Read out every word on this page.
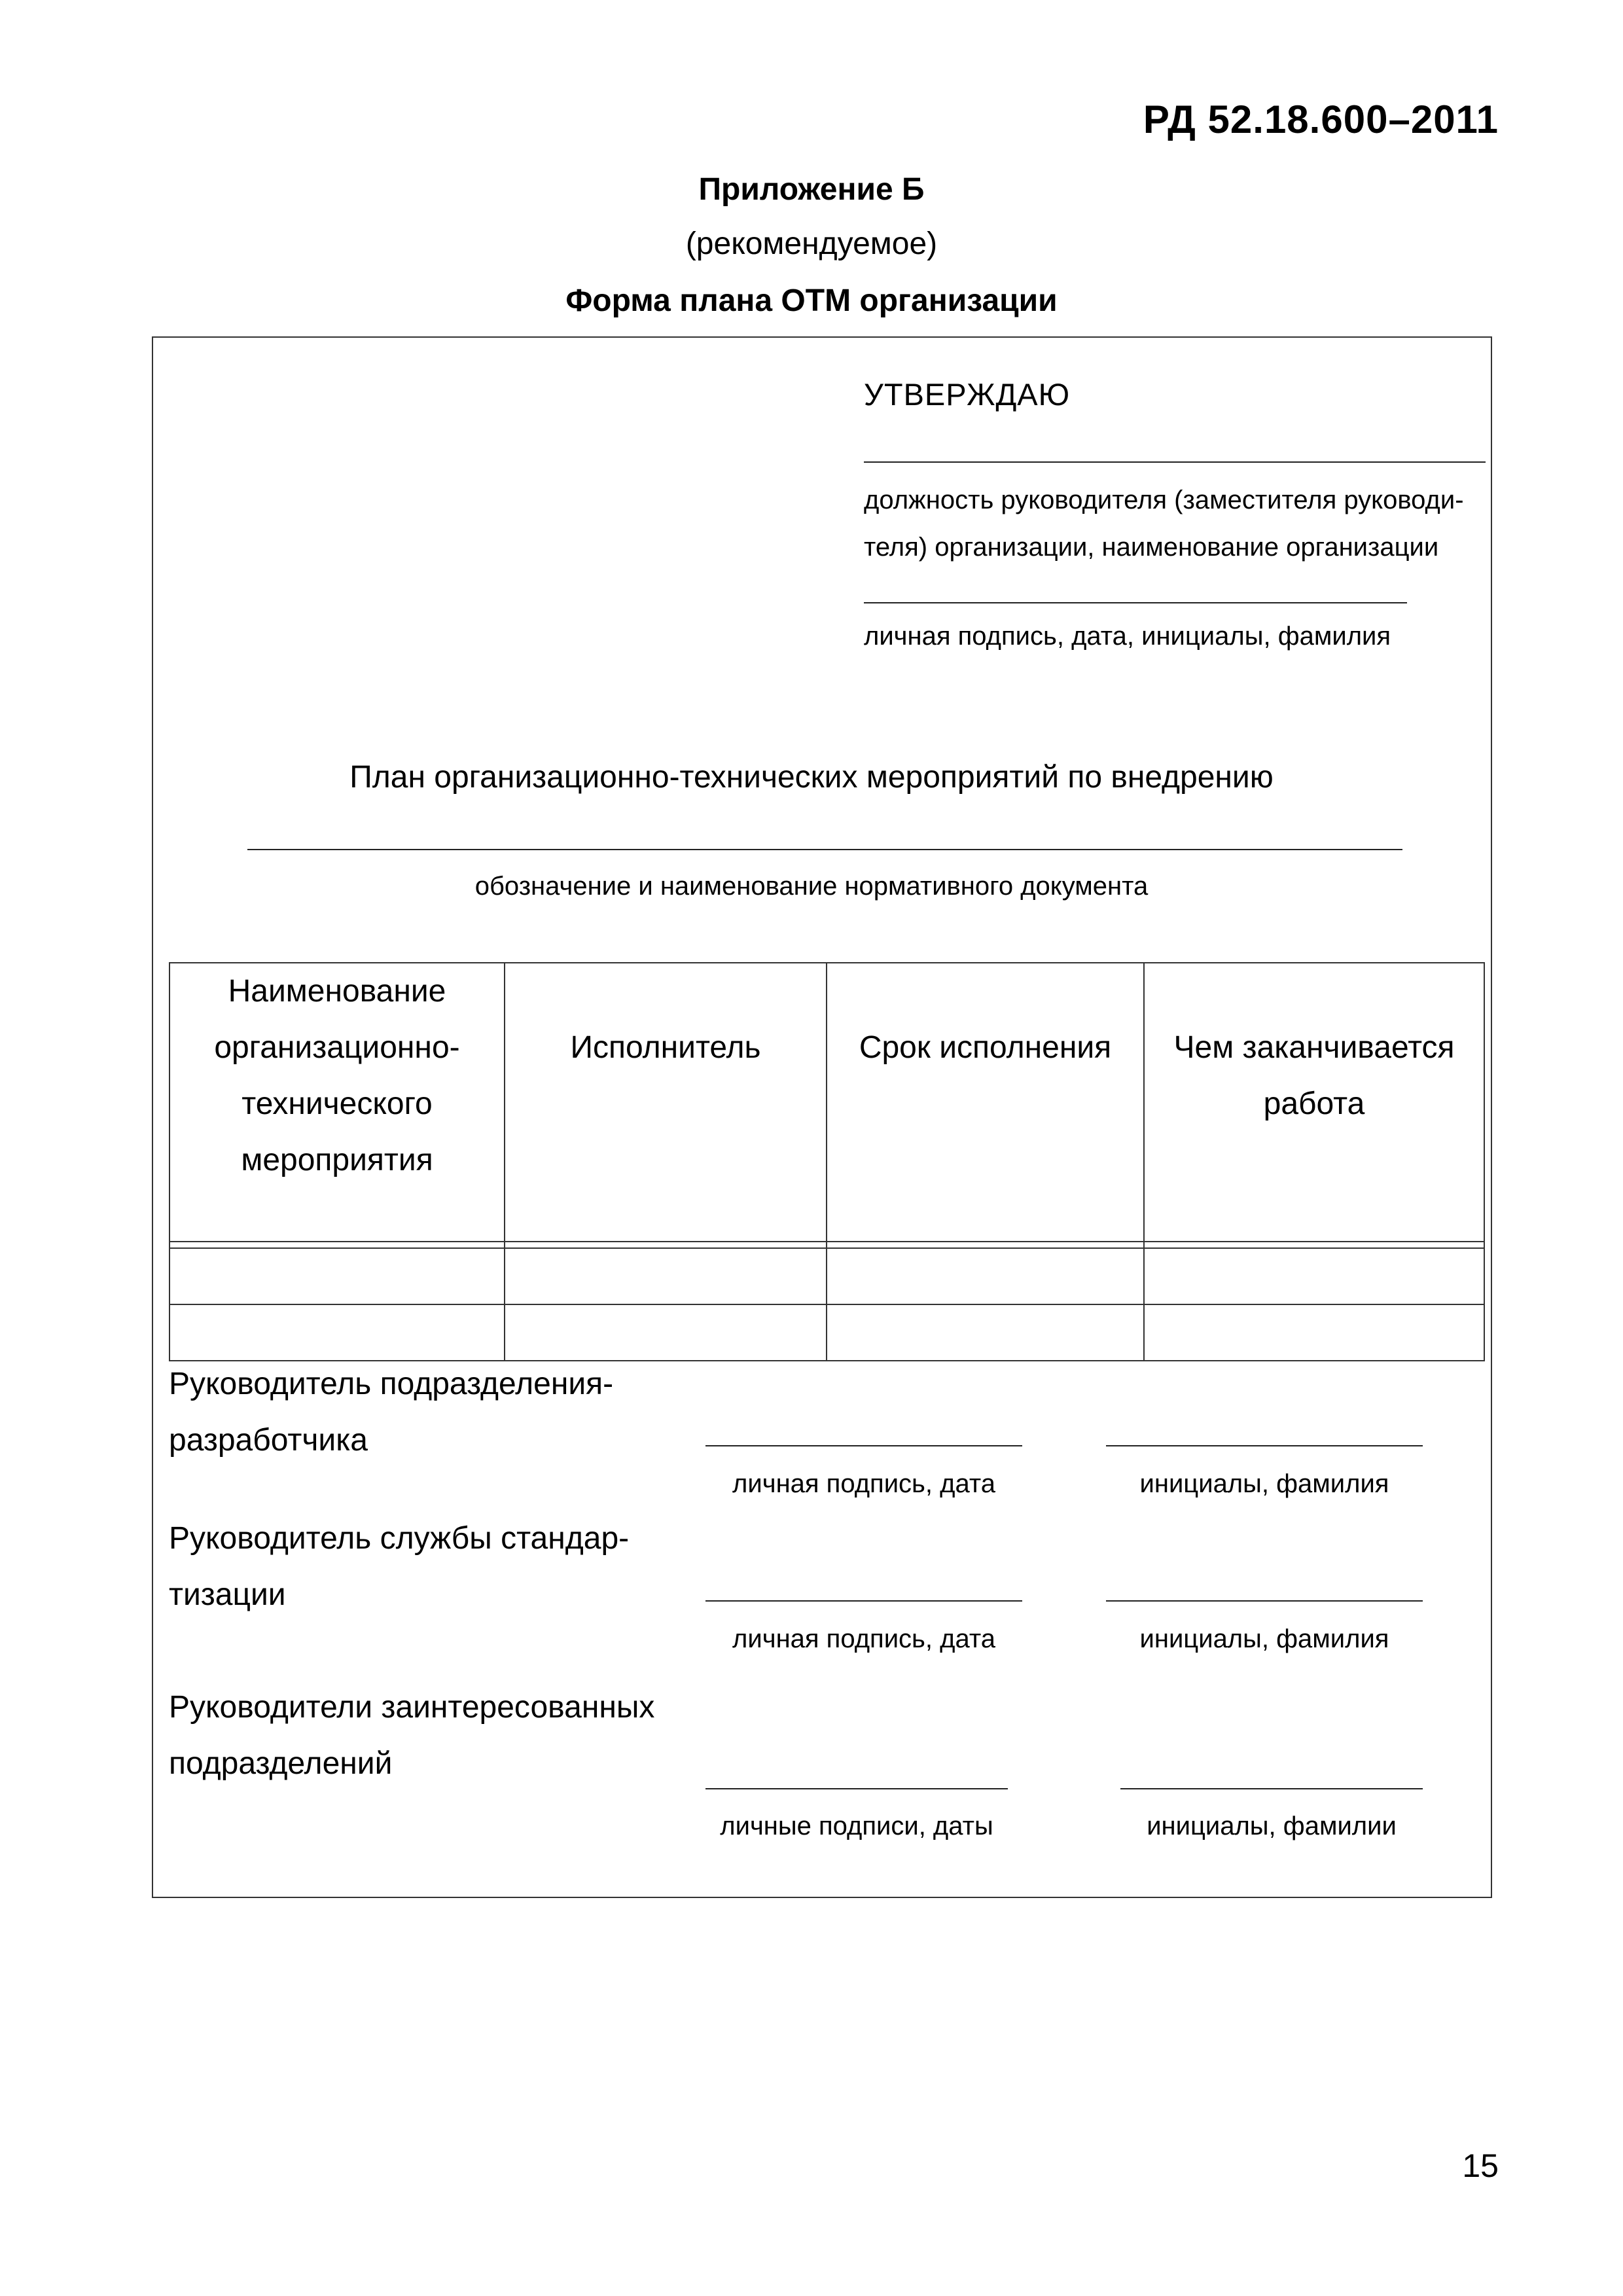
РД 52.18.600–2011
Приложение Б
(рекомендуемое)
Форма плана ОТМ организации
УТВЕРЖДАЮ
должность руководителя (заместителя руководи-теля) организации, наименование организации
личная подпись, дата, инициалы, фамилия
План организационно-технических мероприятий по внедрению
обозначение и наименование нормативного документа
Наименование организационно-технического мероприятия	Исполнитель	Срок исполнения	Чем заканчивается работа

Руководитель подразделения-разработчика
личная подпись, дата	инициалы, фамилия
Руководитель службы стандар-тизации
личная подпись, дата	инициалы, фамилия
Руководители заинтересованных подразделений
личные подписи, даты	инициалы, фамилии
15
